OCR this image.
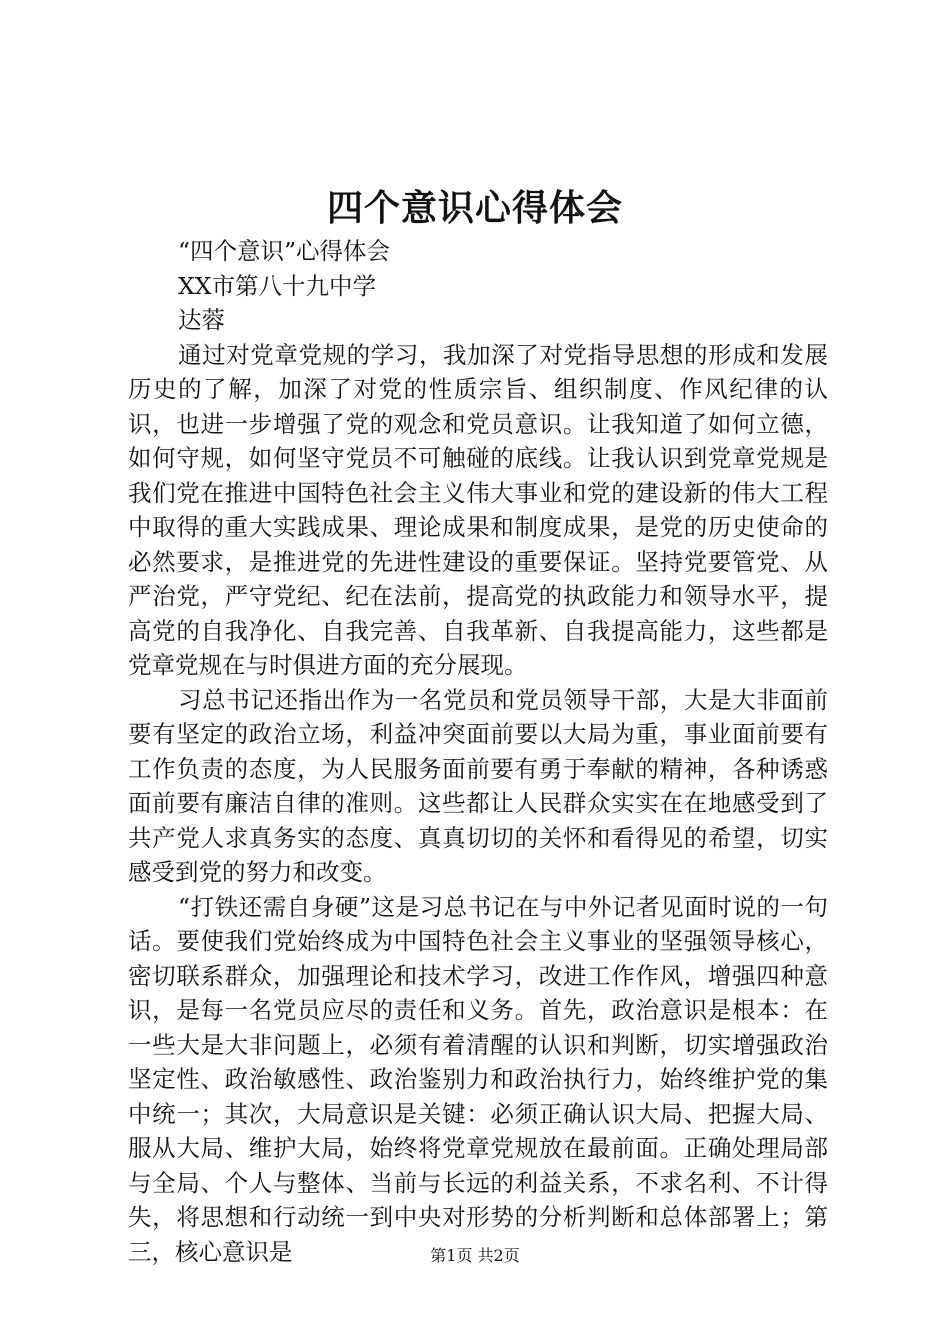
四个意识心得体会

“四个意识”心得体会

XX市第八十九中学

达蓉

通过对党章党规的学习，我加深了对党指导思想的形成和发展历史的了解，加深了对党的性质宗旨、组织制度、作风纪律的认识，也进一步增强了党的观念和党员意识。让我知道了如何立德，如何守规，如何坚守党员不可触碰的底线。让我认识到党章党规是我们党在推进中国特色社会主义伟大事业和党的建设新的伟大工程中取得的重大实践成果、理论成果和制度成果，是党的历史使命的必然要求，是推进党的先进性建设的重要保证。坚持党要管党、从严治党，严守党纪、纪在法前，提高党的执政能力和领导水平，提高党的自我净化、自我完善、自我革新、自我提高能力，这些都是党章党规在与时俱进方面的充分展现。

习总书记还指出作为一名党员和党员领导干部，大是大非面前要有坚定的政治立场，利益冲突面前要以大局为重，事业面前要有工作负责的态度，为人民服务面前要有勇于奉献的精神，各种诱惑面前要有廉洁自律的准则。这些都让人民群众实实在在地感受到了共产党人求真务实的态度、真真切切的关怀和看得见的希望，切实感受到党的努力和改变。

“打铁还需自身硬”这是习总书记在与中外记者见面时说的一句话。要使我们党始终成为中国特色社会主义事业的坚强领导核心，密切联系群众，加强理论和技术学习，改进工作作风，增强四种意识，是每一名党员应尽的责任和义务。首先，政治意识是根本：在一些大是大非问题上，必须有着清醒的认识和判断，切实增强政治坚定性、政治敏感性、政治鉴别力和政治执行力，始终维护党的集中统一；其次，大局意识是关键：必须正确认识大局、把握大局、服从大局、维护大局，始终将党章党规放在最前面。正确处理局部与全局、个人与整体、当前与长远的利益关系，不求名利、不计得失，将思想和行动统一到中央对形势的分析判断和总体部署上；第三，核心意识是	第1页 共2页
